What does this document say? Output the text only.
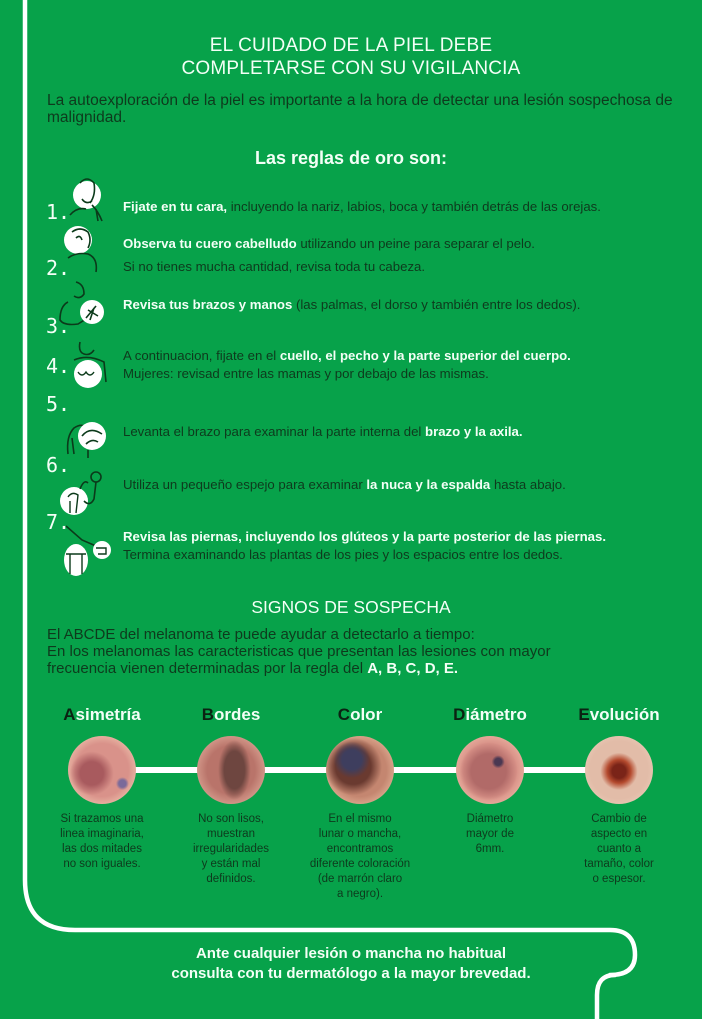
EL CUIDADO DE LA PIEL DEBE
COMPLETARSE CON SU VIGILANCIA
La autoexploración de la piel es importante a la hora de detectar una lesión sospechosa de malignidad.
Las reglas de oro son:
1.	Fijate en tu cara, incluyendo la nariz, labios, boca y también detrás de las orejas.
2.
Observa tu cuero cabelludo utilizando un peine para separar el pelo.
Si no tienes mucha cantidad, revisa toda tu cabeza.
3.
Revisa tus brazos y manos (las palmas, el dorso y también entre los dedos).
4.	A continuacion, fijate en el cuello, el pecho y la parte superior del cuerpo.
Mujeres: revisad entre las mamas y por debajo de las mismas.
5.
Levanta el brazo para examinar la parte interna del brazo y la axila.
6.
Utiliza un pequeño espejo para examinar la nuca y la espalda hasta abajo.
7.
Revisa las piernas, incluyendo los glúteos y la parte posterior de las piernas.
Termina examinando las plantas de los pies y los espacios entre los dedos.
SIGNOS DE SOSPECHA
El ABCDE del melanoma te puede ayudar a detectarlo a tiempo:
En los melanomas las caracteristicas que presentan las lesiones con mayor
frecuencia vienen determinadas por la regla del A, B, C, D, E.
Asimetría
Si trazamos una
linea imaginaria,
las dos mitades
no son iguales.
Bordes
No son lisos,
muestran
irregularidades
y están mal
definidos.
Color
En el mismo
lunar o mancha,
encontramos
diferente coloración
(de marrón claro
a negro).
Diámetro
Diámetro
mayor de
6mm.
Evolución
Cambio de
aspecto en
cuanto a
tamaño, color
o espesor.
Ante cualquier lesión o mancha no habitual
consulta con tu dermatólogo a la mayor brevedad.
